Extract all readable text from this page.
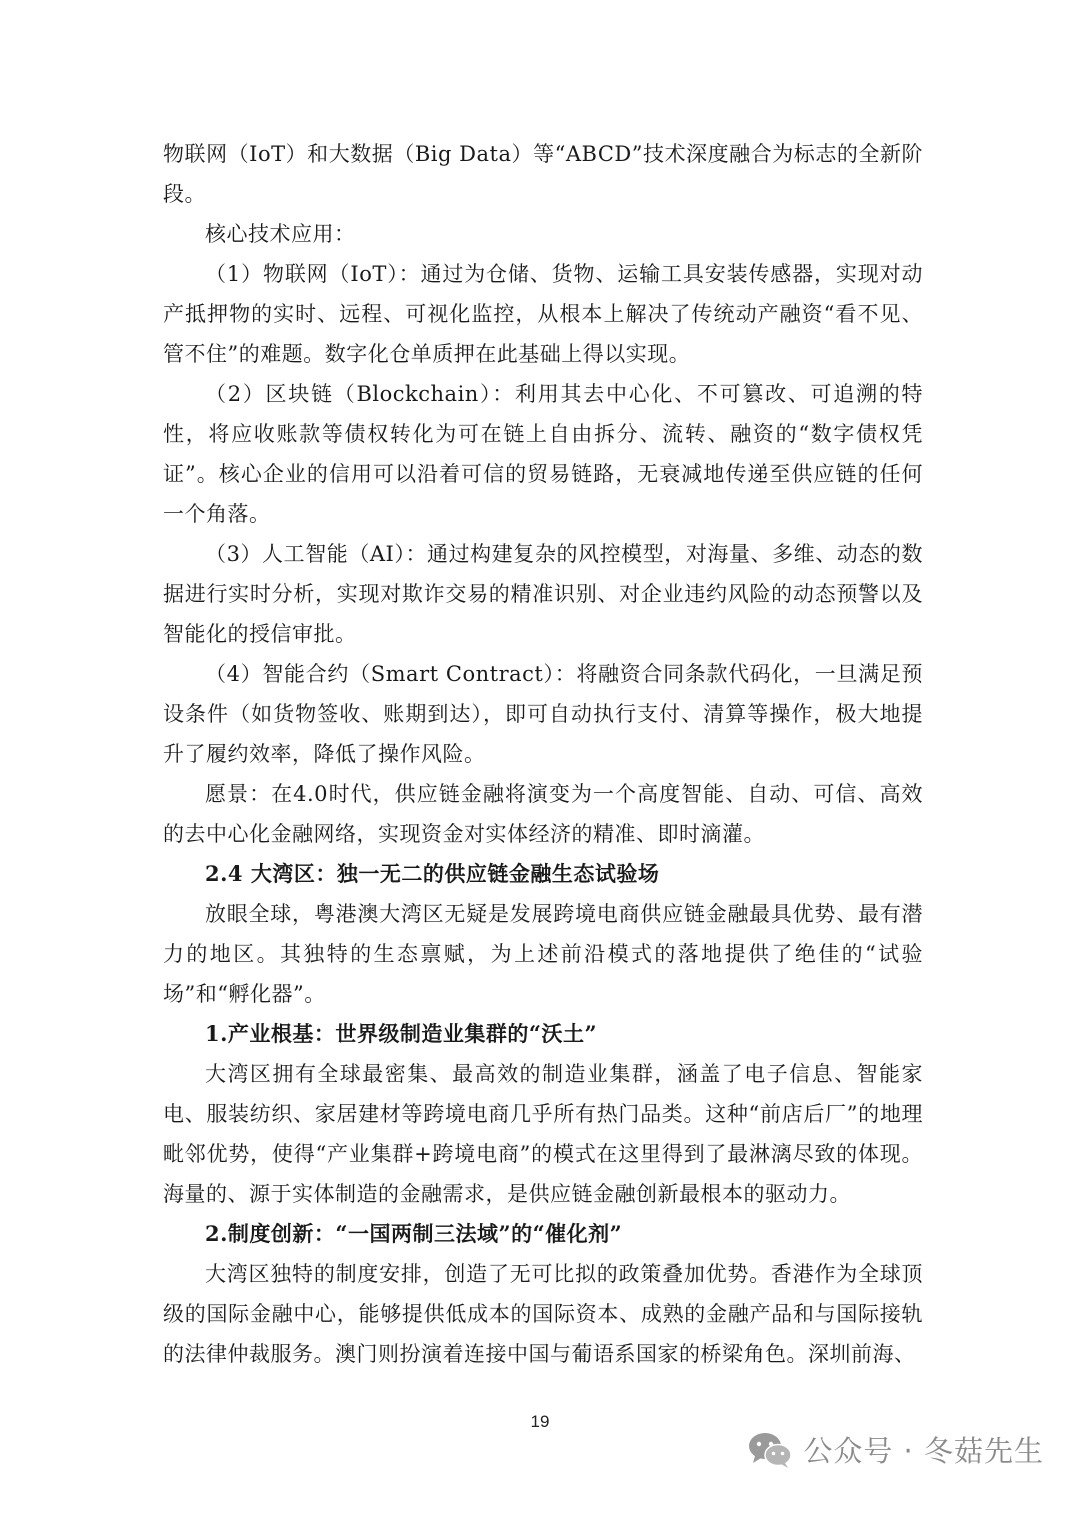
物联网（IoT）和大数据（Big Data）等“ABCD”技术深度融合为标志的全新阶段。

核心技术应用：

（1）物联网（IoT）：通过为仓储、货物、运输工具安装传感器，实现对动产抵押物的实时、远程、可视化监控，从根本上解决了传统动产融资“看不见、管不住”的难题。数字化仓单质押在此基础上得以实现。

（2）区块链（Blockchain）：利用其去中心化、不可篡改、可追溯的特性，将应收账款等债权转化为可在链上自由拆分、流转、融资的“数字债权凭证”。核心企业的信用可以沿着可信的贸易链路，无衰减地传递至供应链的任何一个角落。

（3）人工智能（AI）：通过构建复杂的风控模型，对海量、多维、动态的数据进行实时分析，实现对欺诈交易的精准识别、对企业违约风险的动态预警以及智能化的授信审批。

（4）智能合约（Smart Contract）：将融资合同条款代码化，一旦满足预设条件（如货物签收、账期到达），即可自动执行支付、清算等操作，极大地提升了履约效率，降低了操作风险。

愿景：在4.0时代，供应链金融将演变为一个高度智能、自动、可信、高效的去中心化金融网络，实现资金对实体经济的精准、即时滴灌。

2.4 大湾区：独一无二的供应链金融生态试验场

放眼全球，粤港澳大湾区无疑是发展跨境电商供应链金融最具优势、最有潜力的地区。其独特的生态禀赋，为上述前沿模式的落地提供了绝佳的“试验场”和“孵化器”。

1.产业根基：世界级制造业集群的“沃土”

大湾区拥有全球最密集、最高效的制造业集群，涵盖了电子信息、智能家电、服装纺织、家居建材等跨境电商几乎所有热门品类。这种“前店后厂”的地理毗邻优势，使得“产业集群+跨境电商”的模式在这里得到了最淋漓尽致的体现。海量的、源于实体制造的金融需求，是供应链金融创新最根本的驱动力。

2.制度创新：“一国两制三法域”的“催化剂”

大湾区独特的制度安排，创造了无可比拟的政策叠加优势。香港作为全球顶级的国际金融中心，能够提供低成本的国际资本、成熟的金融产品和与国际接轨的法律仲裁服务。澳门则扮演着连接中国与葡语系国家的桥梁角色。深圳前海、

19
公众号 · 冬菇先生
